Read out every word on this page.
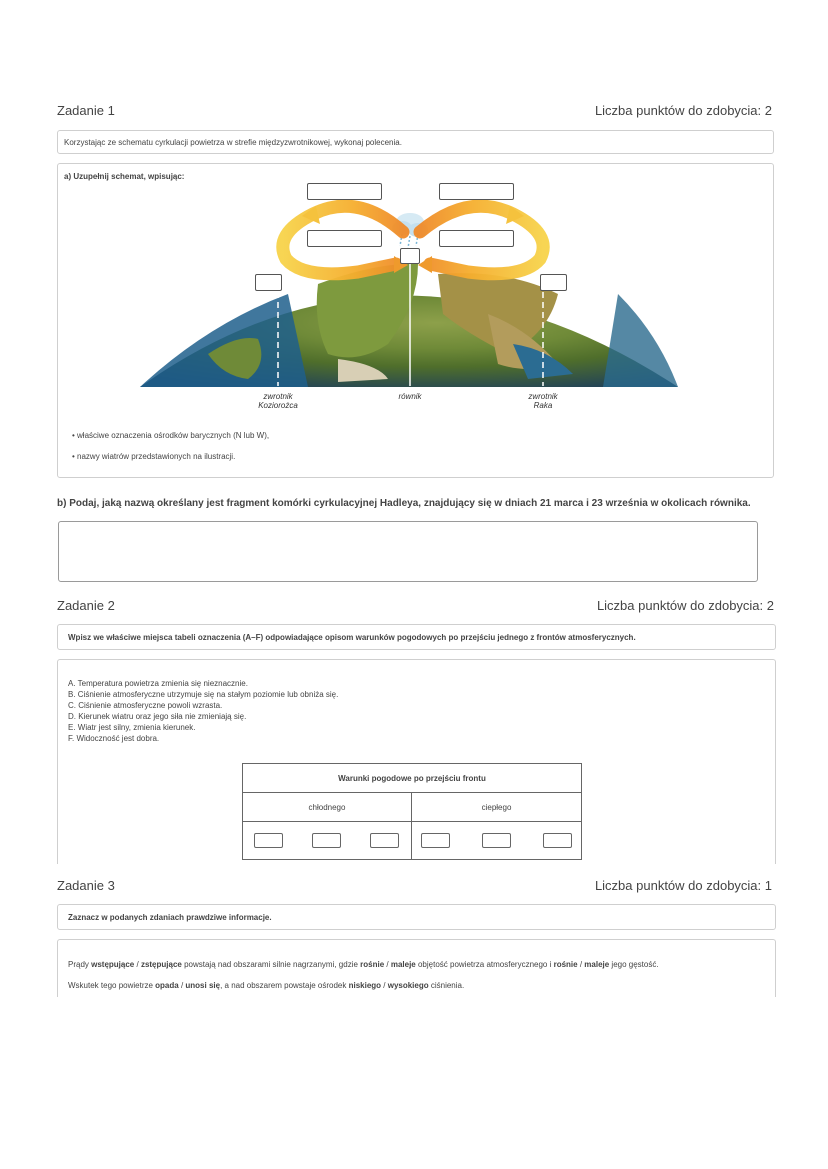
Zadanie 1	Liczba punktów do zdobycia: 2
Korzystając ze schematu cyrkulacji powietrza w strefie międzyzwrotnikowej, wykonaj polecenia.
a) Uzupełnij schemat, wpisując:
zwrotnik
Koziorożca
równik	zwrotnik
Raka
• właściwe oznaczenia ośrodków barycznych (N lub W),
• nazwy wiatrów przedstawionych na ilustracji.
b) Podaj, jaką nazwą określany jest fragment komórki cyrkulacyjnej Hadleya, znajdujący się w dniach 21 marca i 23 września w okolicach równika.
Zadanie 2	Liczba punktów do zdobycia: 2
Wpisz we właściwe miejsca tabeli oznaczenia (A–F) odpowiadające opisom warunków pogodowych po przejściu jednego z frontów atmosferycznych.
A. Temperatura powietrza zmienia się nieznacznie.
B. Ciśnienie atmosferyczne utrzymuje się na stałym poziomie lub obniża się.
C. Ciśnienie atmosferyczne powoli wzrasta.
D. Kierunek wiatru oraz jego siła nie zmieniają się.
E. Wiatr jest silny, zmienia kierunek.
F. Widoczność jest dobra.
Warunki pogodowe po przejściu frontu
chłodnego	ciepłego
Zadanie 3	Liczba punktów do zdobycia: 1
Zaznacz w podanych zdaniach prawdziwe informacje.
Prądy wstępujące / zstępujące powstają nad obszarami silnie nagrzanymi, gdzie rośnie / maleje objętość powietrza atmosferycznego i rośnie / maleje jego gęstość.
Wskutek tego powietrze opada / unosi się, a nad obszarem powstaje ośrodek niskiego / wysokiego ciśnienia.
